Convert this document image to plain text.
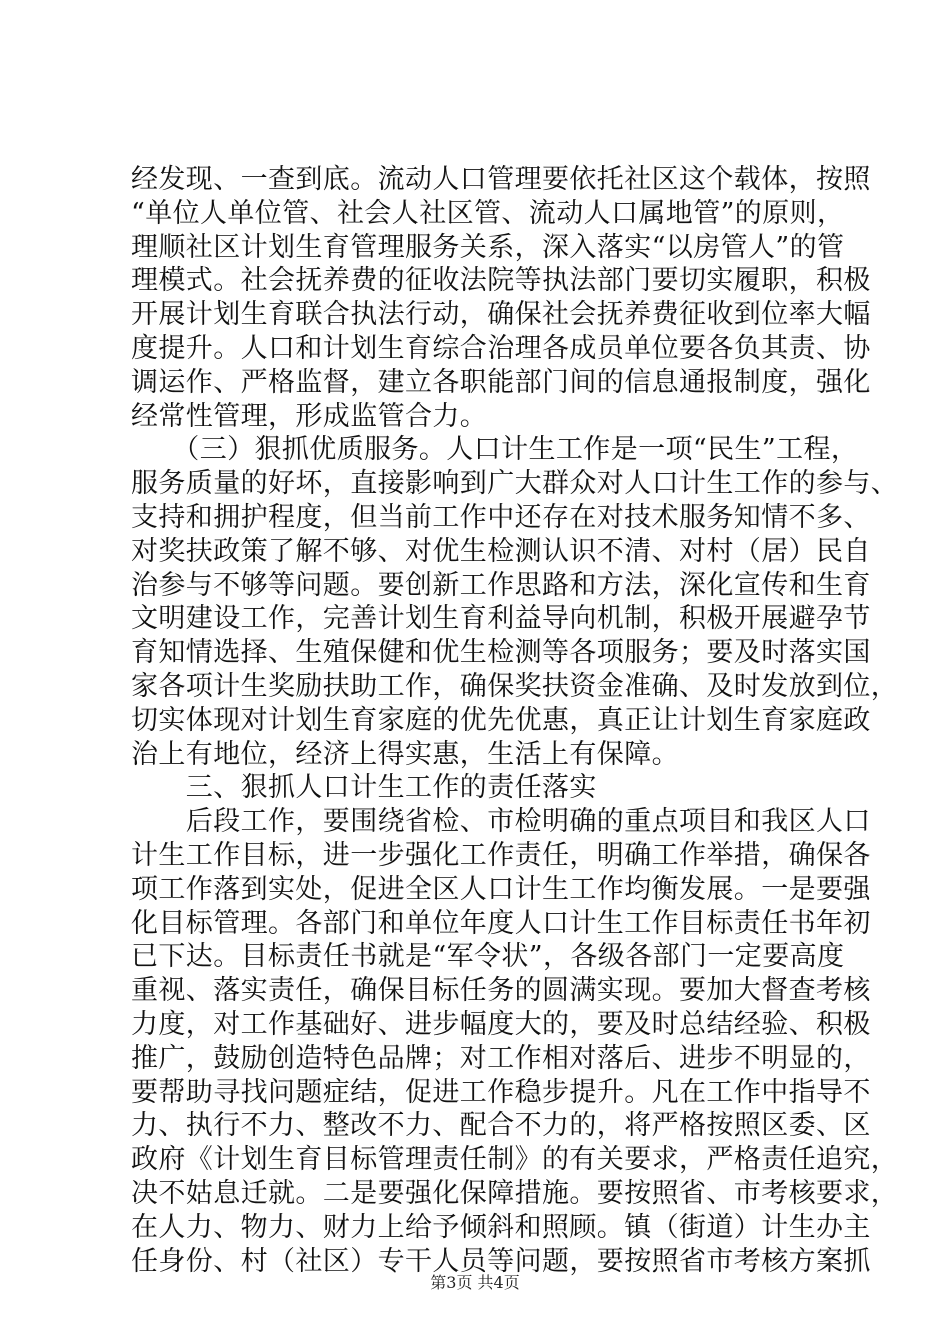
经发现、一查到底。流动人口管理要依托社区这个载体，按照
“单位人单位管、社会人社区管、流动人口属地管”的原则，
理顺社区计划生育管理服务关系，深入落实“以房管人”的管
理模式。社会抚养费的征收法院等执法部门要切实履职，积极
开展计划生育联合执法行动，确保社会抚养费征收到位率大幅
度提升。人口和计划生育综合治理各成员单位要各负其责、协
调运作、严格监督，建立各职能部门间的信息通报制度，强化
经常性管理，形成监管合力。
　　（三）狠抓优质服务。人口计生工作是一项“民生”工程，
服务质量的好坏，直接影响到广大群众对人口计生工作的参与、
支持和拥护程度，但当前工作中还存在对技术服务知情不多、
对奖扶政策了解不够、对优生检测认识不清、对村（居）民自
治参与不够等问题。要创新工作思路和方法，深化宣传和生育
文明建设工作，完善计划生育利益导向机制，积极开展避孕节
育知情选择、生殖保健和优生检测等各项服务；要及时落实国
家各项计生奖励扶助工作，确保奖扶资金准确、及时发放到位，
切实体现对计划生育家庭的优先优惠，真正让计划生育家庭政
治上有地位，经济上得实惠，生活上有保障。
　　三、狠抓人口计生工作的责任落实
　　后段工作，要围绕省检、市检明确的重点项目和我区人口
计生工作目标，进一步强化工作责任，明确工作举措，确保各
项工作落到实处，促进全区人口计生工作均衡发展。一是要强
化目标管理。各部门和单位年度人口计生工作目标责任书年初
已下达。目标责任书就是“军令状”，各级各部门一定要高度
重视、落实责任，确保目标任务的圆满实现。要加大督查考核
力度，对工作基础好、进步幅度大的，要及时总结经验、积极
推广，鼓励创造特色品牌；对工作相对落后、进步不明显的，
要帮助寻找问题症结，促进工作稳步提升。凡在工作中指导不
力、执行不力、整改不力、配合不力的，将严格按照区委、区
政府《计划生育目标管理责任制》的有关要求，严格责任追究，
决不姑息迁就。二是要强化保障措施。要按照省、市考核要求，
在人力、物力、财力上给予倾斜和照顾。镇（街道）计生办主
任身份、村（社区）专干人员等问题，要按照省市考核方案抓
第3页 共4页
